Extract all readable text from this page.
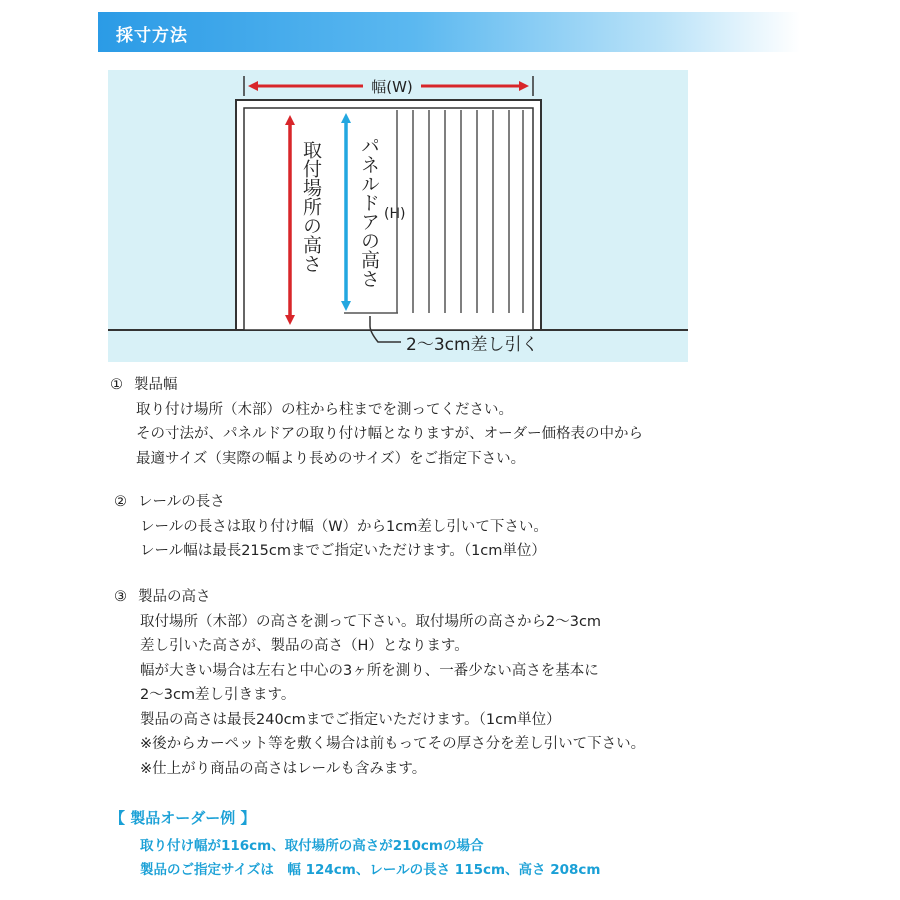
採寸方法
幅(W)
取付場所の高さ パネルドアの高さ (H)
2～3cm差し引く
① 製品幅
取り付け場所（木部）の柱から柱までを測ってください。
その寸法が、パネルドアの取り付け幅となりますが、オーダー価格表の中から
最適サイズ（実際の幅より長めのサイズ）をご指定下さい。
② レールの長さ
レールの長さは取り付け幅（W）から1cm差し引いて下さい。
レール幅は最長215cmまでご指定いただけます。（1cm単位）
③ 製品の高さ
取付場所（木部）の高さを測って下さい。取付場所の高さから2～3cm
差し引いた高さが、製品の高さ（H）となります。
幅が大きい場合は左右と中心の3ヶ所を測り、一番少ない高さを基本に
2～3cm差し引きます。
製品の高さは最長240cmまでご指定いただけます。（1cm単位）
※後からカーペット等を敷く場合は前もってその厚さ分を差し引いて下さい。
※仕上がり商品の高さはレールも含みます。
【 製品オーダー例 】
取り付け幅が116cm、取付場所の高さが210cmの場合
製品のご指定サイズは　幅 124cm、レールの長さ 115cm、高さ 208cm
